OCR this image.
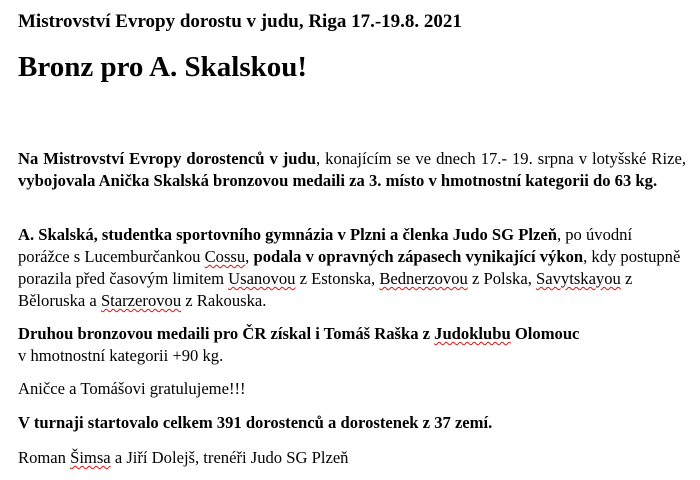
Mistrovství Evropy dorostu v judu, Riga 17.-19.8. 2021
Bronz pro A. Skalskou!

Na Mistrovství Evropy dorostenců v judu, konajícím se ve dnech 17.- 19. srpna v lotyšské Rize, vybojovala Anička Skalská bronzovou medaili za 3. místo v hmotnostní kategorii do 63 kg.

A. Skalská, studentka sportovního gymnázia v Plzni a členka Judo SG Plzeň, po úvodní porážce s Lucemburčankou Cossu, podala v opravných zápasech vynikající výkon, kdy postupně porazila před časovým limitem Usanovou z Estonska, Bednerzovou z Polska, Savytskayou z Běloruska a Starzerovou z Rakouska.

Druhou bronzovou medaili pro ČR získal i Tomáš Raška z Judoklubu Olomouc
v hmotnostní kategorii +90 kg.

Aničce a Tomášovi gratulujeme!!!

V turnaji startovalo celkem 391 dorostenců a dorostenek z 37 zemí.

Roman Šimsa a Jiří Dolejš, trenéři Judo SG Plzeň
